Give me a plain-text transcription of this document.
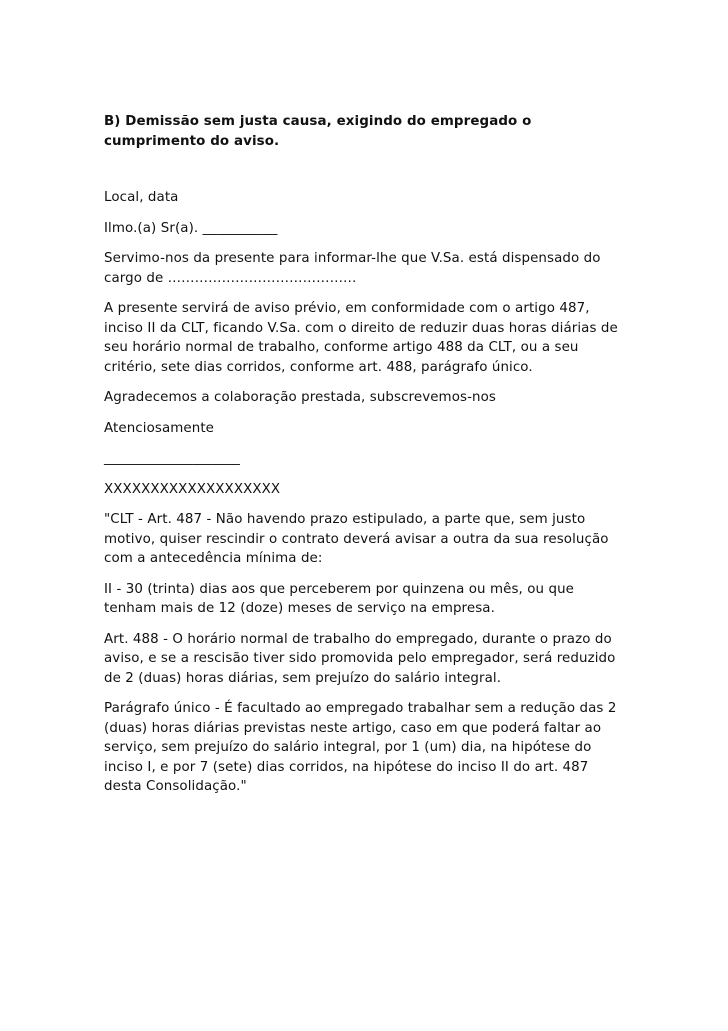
B) Demissão sem justa causa, exigindo do empregado o
cumprimento do aviso.

Local, data

Ilmo.(a) Sr(a). ___________

Servimo-nos da presente para informar-lhe que V.Sa. está dispensado do cargo de ……………………………………

A presente servirá de aviso prévio, em conformidade com o artigo 487, inciso II da CLT, ficando V.Sa. com o direito de reduzir duas horas diárias de seu horário normal de trabalho, conforme artigo 488 da CLT, ou a seu critério, sete dias corridos, conforme art. 488, parágrafo único.

Agradecemos a colaboração prestada, subscrevemos-nos

Atenciosamente

____________________

XXXXXXXXXXXXXXXXXXX

"CLT - Art. 487 - Não havendo prazo estipulado, a parte que, sem justo motivo, quiser rescindir o contrato deverá avisar a outra da sua resolução com a antecedência mínima de:

II - 30 (trinta) dias aos que perceberem por quinzena ou mês, ou que tenham mais de 12 (doze) meses de serviço na empresa.

Art. 488 - O horário normal de trabalho do empregado, durante o prazo do aviso, e se a rescisão tiver sido promovida pelo empregador, será reduzido de 2 (duas) horas diárias, sem prejuízo do salário integral.

Parágrafo único - É facultado ao empregado trabalhar sem a redução das 2 (duas) horas diárias previstas neste artigo, caso em que poderá faltar ao serviço, sem prejuízo do salário integral, por 1 (um) dia, na hipótese do inciso I, e por 7 (sete) dias corridos, na hipótese do inciso II do art. 487 desta Consolidação."
